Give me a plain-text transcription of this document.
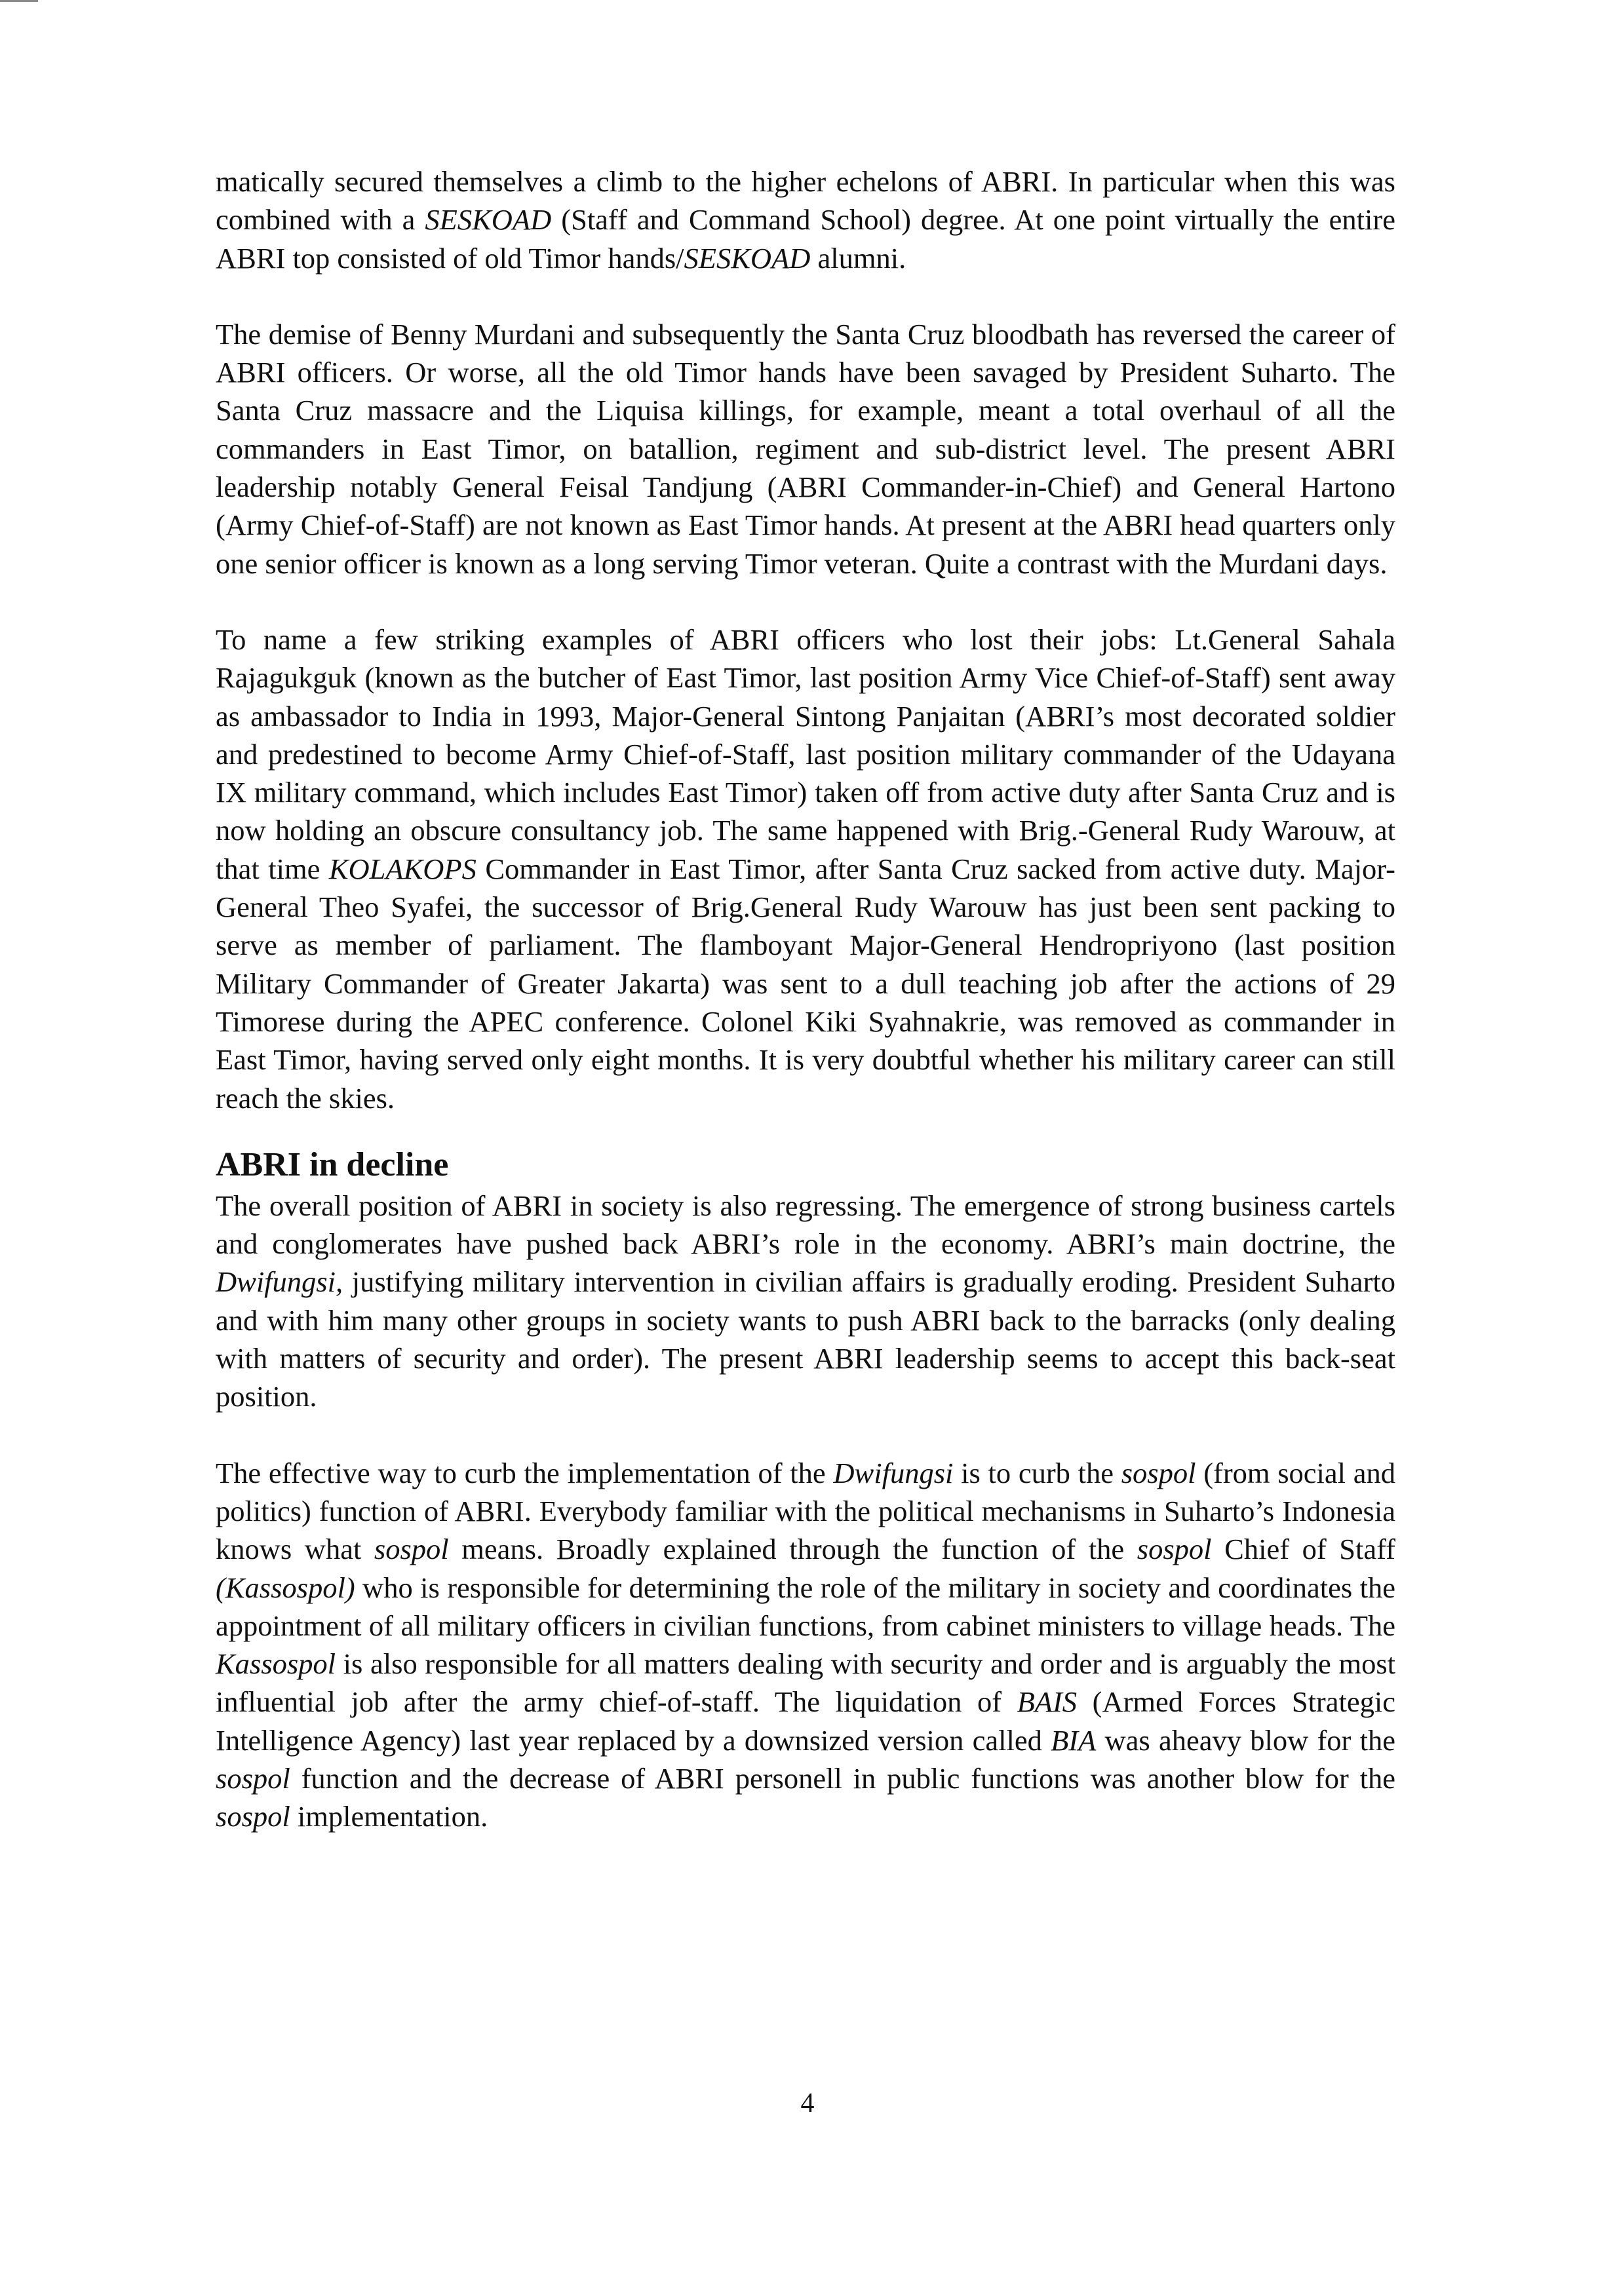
matically secured themselves a climb to the higher echelons of ABRI. In particular when this was combined with a SESKOAD (Staff and Command School) degree. At one point virtually the entire ABRI top consisted of old Timor hands/SESKOAD alumni.

The demise of Benny Murdani and subsequently the Santa Cruz bloodbath has reversed the career of ABRI officers. Or worse, all the old Timor hands have been savaged by President Suharto. The Santa Cruz massacre and the Liquisa killings, for example, meant a total overhaul of all the commanders in East Timor, on batallion, regiment and sub-district level. The present ABRI leadership notably General Feisal Tandjung (ABRI Commander-in-Chief) and General Hartono (Army Chief-of-Staff) are not known as East Timor hands. At present at the ABRI head quarters only one senior officer is known as a long serving Timor veteran. Quite a contrast with the Murdani days.

To name a few striking examples of ABRI officers who lost their jobs: Lt.General Sahala Rajagukguk (known as the butcher of East Timor, last position Army Vice Chief-of-Staff) sent away as ambassador to India in 1993, Major-General Sintong Panjaitan (ABRI’s most decorated soldier and predestined to become Army Chief-of-Staff, last position military commander of the Udayana IX military command, which includes East Timor) taken off from active duty after Santa Cruz and is now holding an obscure consultancy job. The same happened with Brig.-General Rudy Warouw, at that time KOLAKOPS Commander in East Timor, after Santa Cruz sacked from active duty. Major-General Theo Syafei, the successor of Brig.General Rudy Warouw has just been sent packing to serve as member of parliament. The flamboyant Major-General Hendropriyono (last position Military Commander of Greater Jakarta) was sent to a dull teaching job after the actions of 29 Timorese during the APEC conference. Colonel Kiki Syahnakrie, was removed as commander in East Timor, having served only eight months. It is very doubtful whether his military career can still reach the skies.

ABRI in decline

The overall position of ABRI in society is also regressing. The emergence of strong business cartels and conglomerates have pushed back ABRI’s role in the economy. ABRI’s main doctrine, the Dwifungsi, justifying military intervention in civilian affairs is gradually eroding. President Suharto and with him many other groups in society wants to push ABRI back to the barracks (only dealing with matters of security and order). The present ABRI leadership seems to accept this back-seat position.

The effective way to curb the implementation of the Dwifungsi is to curb the sospol (from social and politics) function of ABRI. Everybody familiar with the political mechanisms in Suharto’s Indonesia knows what sospol means. Broadly explained through the function of the sospol Chief of Staff (Kassospol) who is responsible for determining the role of the military in society and coordinates the appointment of all military officers in civilian functions, from cabinet ministers to village heads. The Kassospol is also responsible for all matters dealing with security and order and is arguably the most influential job after the army chief-of-staff. The liquidation of BAIS (Armed Forces Strategic Intelligence Agency) last year replaced by a downsized version called BIA was aheavy blow for the sospol function and the decrease of ABRI personell in public functions was another blow for the sospol implementation.

4
